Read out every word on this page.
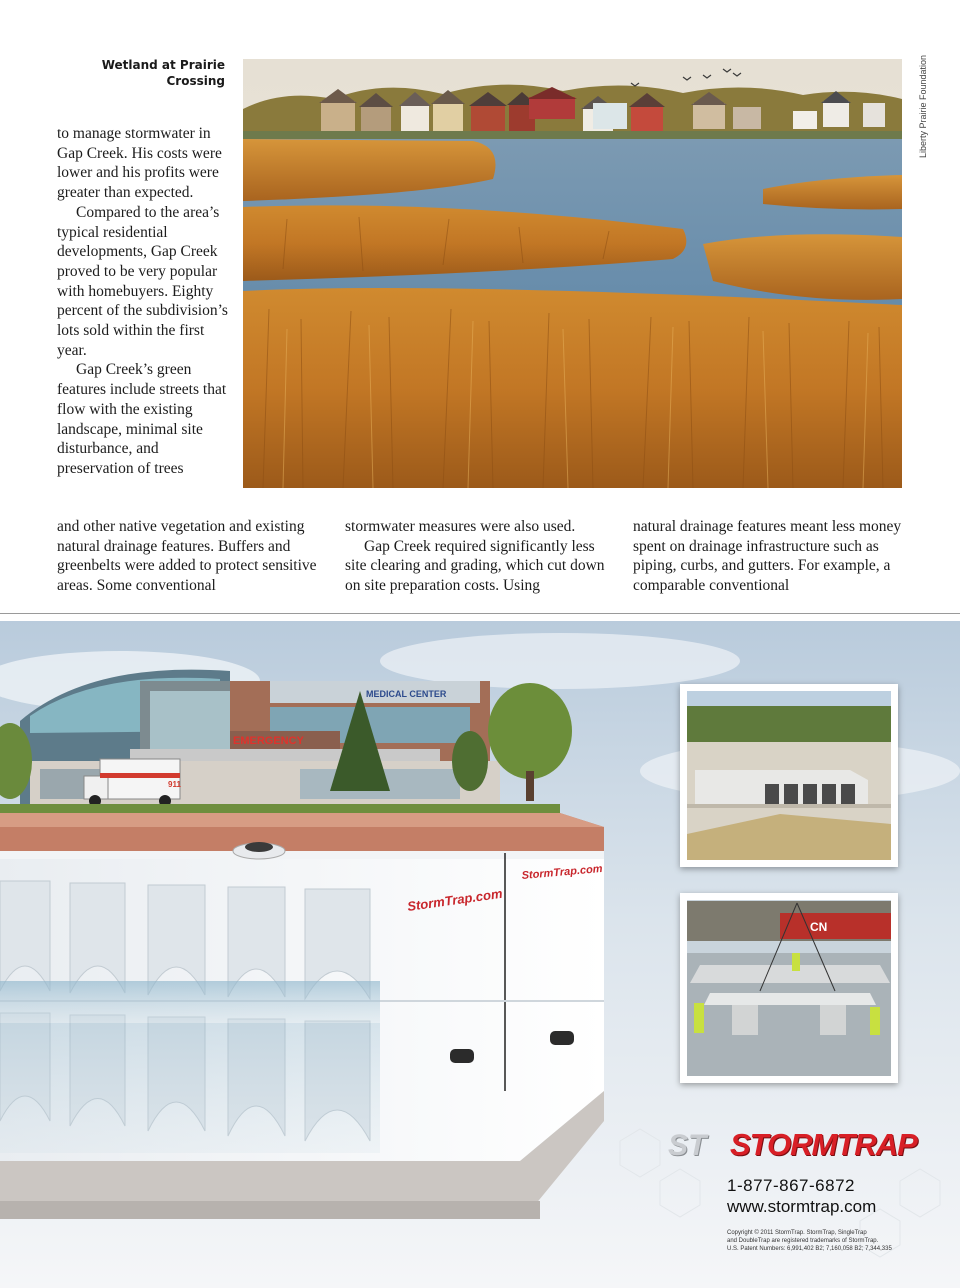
Wetland at Prairie Crossing	Liberty Prairie Foundation

to manage stormwater in Gap Creek. His costs were lower and his profits were greater than expected.

Compared to the area’s typical residential developments, Gap Creek proved to be very popular with homebuyers. Eighty percent of the subdivision’s lots sold within the first year.

Gap Creek’s green features include streets that flow with the existing landscape, minimal site disturbance, and preservation of trees

and other native vegetation and existing natural drainage features. Buffers and greenbelts were added to protect sensitive areas. Some conventional

stormwater measures were also used.

Gap Creek required significantly less site clearing and grading, which cut down on site preparation costs. Using

natural drainage features meant less money spent on drainage infrastructure such as piping, curbs, and gutters. For example, a comparable conventional

MEDICAL CENTER
EMERGENCY
911
StormTrap.com
StormTrap.com
CN
ST STORMTRAP
1-877-867-6872
www.stormtrap.com
Copyright © 2011 StormTrap. StormTrap, SingleTrap
and DoubleTrap are registered trademarks of StormTrap.
U.S. Patent Numbers: 6,991,402 B2; 7,160,058 B2; 7,344,335
